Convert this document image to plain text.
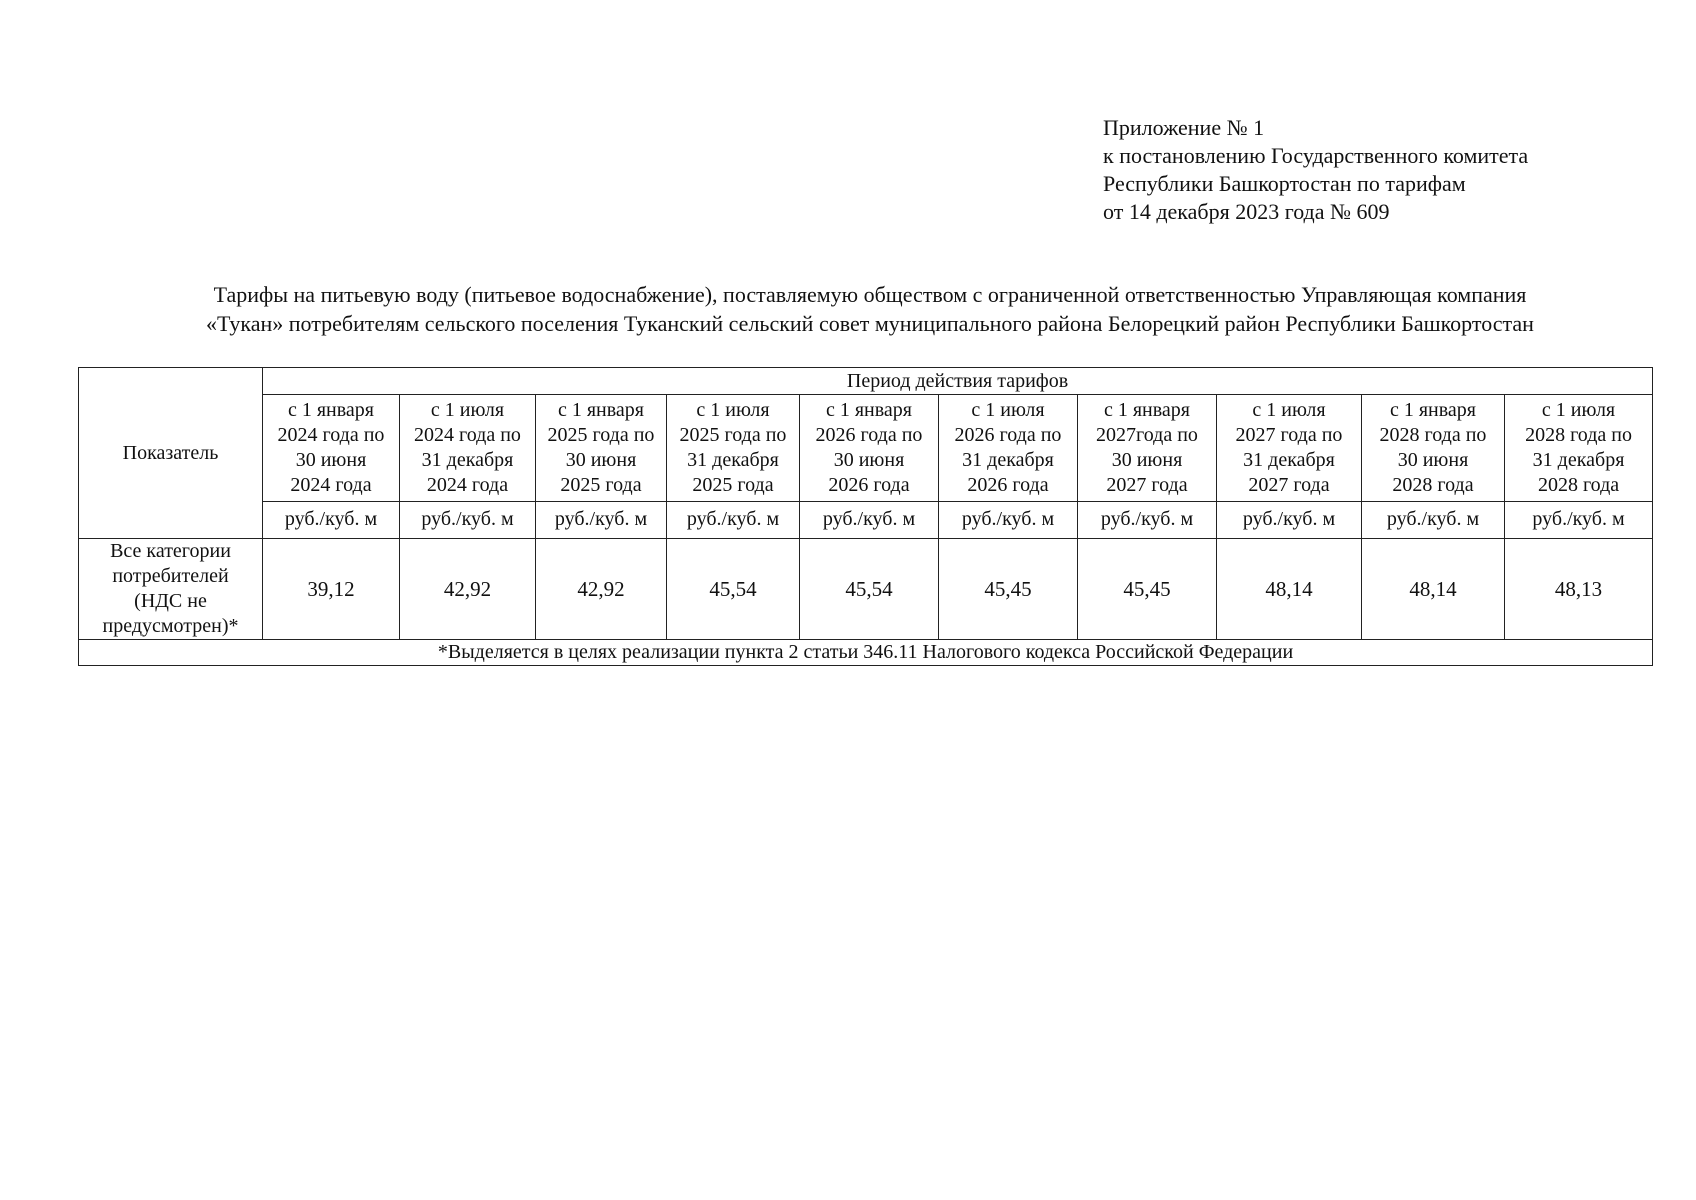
Приложение № 1
к постановлению Государственного комитета
Республики Башкортостан по тарифам
от 14 декабря 2023 года № 609
Тарифы на питьевую воду (питьевое водоснабжение), поставляемую обществом с ограниченной ответственностью Управляющая компания
«Тукан» потребителям сельского поселения Туканский сельский совет муниципального района Белорецкий район Республики Башкортостан
Показатель	Период действия тарифов									

	с 1 января
2024 года по
30 июня
2024 года	с 1 июля
2024 года по
31 декабря
2024 года	с 1 января
2025 года по
30 июня
2025 года	с 1 июля
2025 года по
31 декабря
2025 года	с 1 января
2026 года по
30 июня
2026 года	с 1 июля
2026 года по
31 декабря
2026 года	с 1 января
2027года по
30 июня
2027 года	с 1 июля
2027 года по
31 декабря
2027 года	с 1 января
2028 года по
30 июня
2028 года	с 1 июля
2028 года по
31 декабря
2028 года

	руб./куб. м	руб./куб. м	руб./куб. м	руб./куб. м	руб./куб. м	руб./куб. м	руб./куб. м	руб./куб. м	руб./куб. м	руб./куб. м

Все категории
потребителей
(НДС не
предусмотрен)*	39,12	42,92	42,92	45,54	45,54	45,45	45,45	48,14	48,14	48,13
*Выделяется в целях реализации пункта 2 статьи 346.11 Налогового кодекса Российской Федерации										
